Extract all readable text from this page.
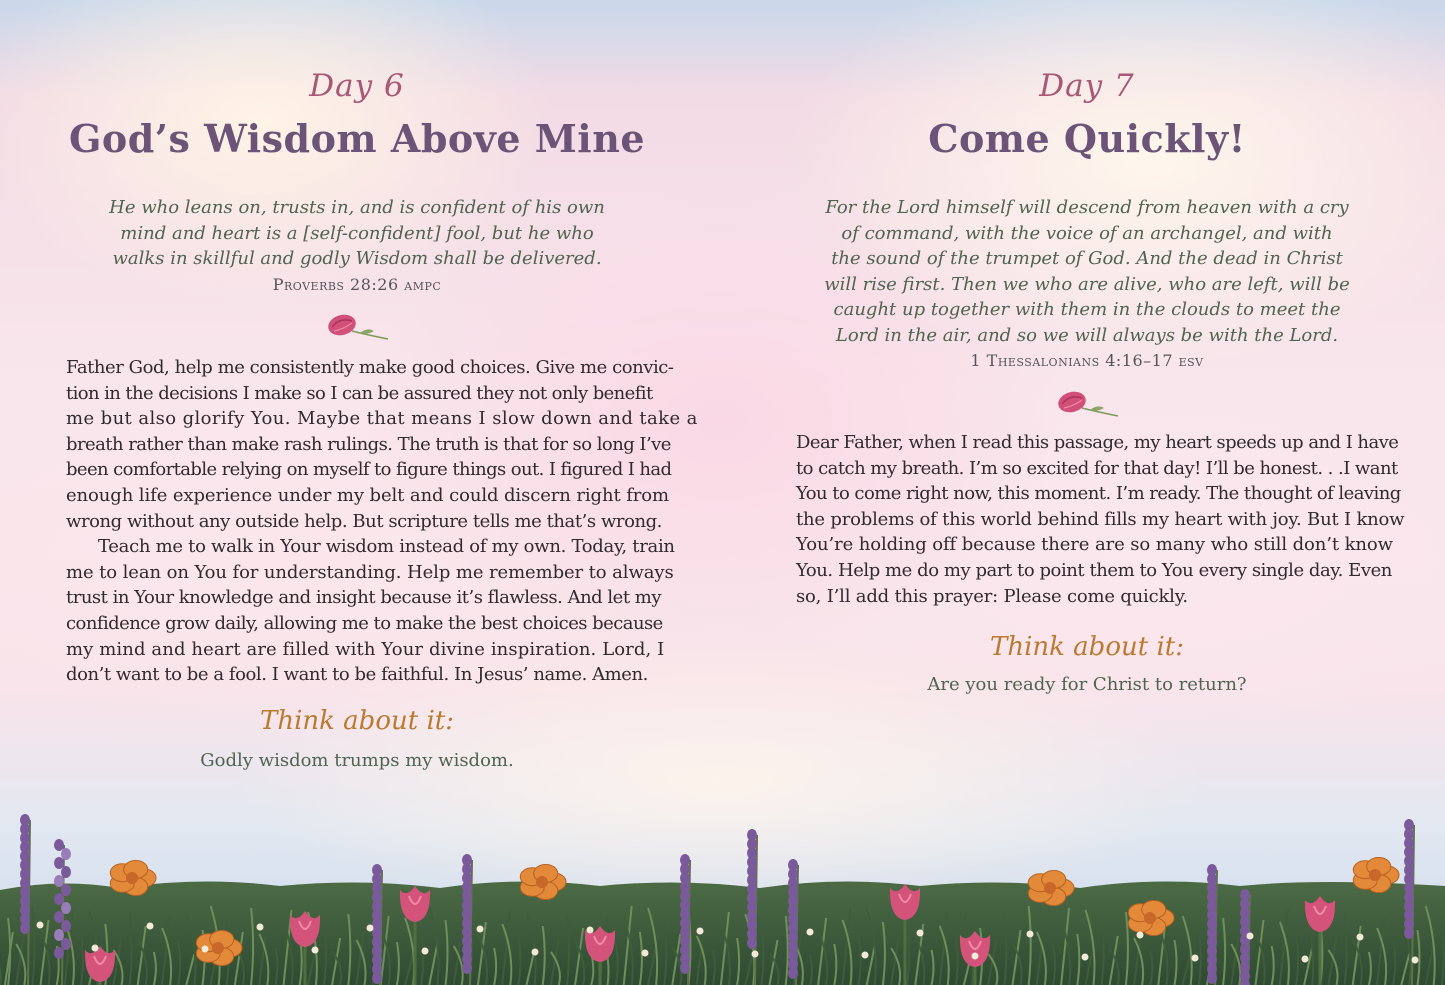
Day 6
God’s Wisdom Above Mine
He who leans on, trusts in, and is confident of his own
mind and heart is a [self-confident] fool, but he who
walks in skillful and godly Wisdom shall be delivered.
Proverbs 28:26 ampc
Father God, help me consistently make good choices. Give me convic-
tion in the decisions I make so I can be assured they not only benefit
me but also glorify You. Maybe that means I slow down and take a
breath rather than make rash rulings. The truth is that for so long I’ve
been comfortable relying on myself to figure things out. I figured I had
enough life experience under my belt and could discern right from
wrong without any outside help. But scripture tells me that’s wrong.
Teach me to walk in Your wisdom instead of my own. Today, train
me to lean on You for understanding. Help me remember to always
trust in Your knowledge and insight because it’s flawless. And let my
confidence grow daily, allowing me to make the best choices because
my mind and heart are filled with Your divine inspiration. Lord, I
don’t want to be a fool. I want to be faithful. In Jesus’ name. Amen.
Think about it:
Godly wisdom trumps my wisdom.
Day 7
Come Quickly!
For the Lord himself will descend from heaven with a cry
of command, with the voice of an archangel, and with
the sound of the trumpet of God. And the dead in Christ
will rise first. Then we who are alive, who are left, will be
caught up together with them in the clouds to meet the
Lord in the air, and so we will always be with the Lord.
1 Thessalonians 4:16–17 esv
Dear Father, when I read this passage, my heart speeds up and I have
to catch my breath. I’m so excited for that day! I’ll be honest. . .I want
You to come right now, this moment. I’m ready. The thought of leaving
the problems of this world behind fills my heart with joy. But I know
You’re holding off because there are so many who still don’t know
You. Help me do my part to point them to You every single day. Even
so, I’ll add this prayer: Please come quickly.
Think about it:
Are you ready for Christ to return?
